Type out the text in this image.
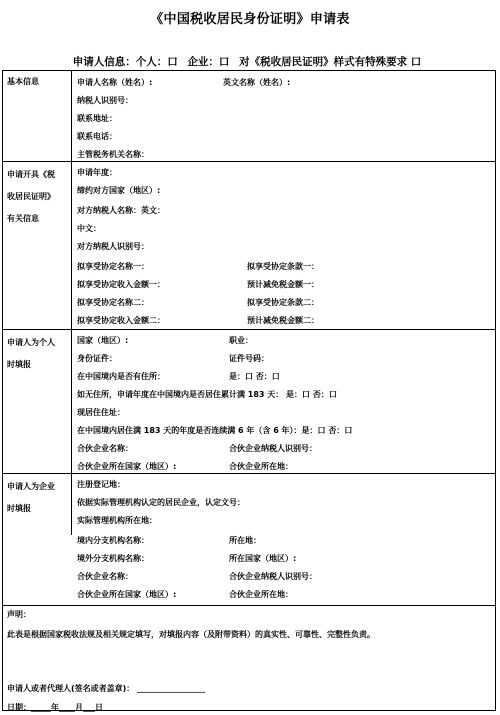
《中国税收居民身份证明》申请表
申请人信息：个人：口 企业：口 对《税收居民证明》样式有特殊要求 口
基本信息	申请人名称（姓名）:	英文名称（姓名）:
纳税人识别号：
联系地址：
联系电话：
主管税务机关名称：
申请开具《税
收居民证明》
有关信息
申请年度：
缔约对方国家（地区）:
对方纳税人名称：英文：
中文：
对方纳税人识别号：
拟享受协定名称一：	拟享受协定条款一：
拟享受协定收入金额一：	预计减免税金额一：
拟享受协定名称二：	拟享受协定条款二：
拟享受协定收入金额二：	预计减免税金额二：
申请人为个人
时填报
国家（地区）:	职业：
身份证件：	证件号码：
在中国境内是否有住所：	是：口 否：口
如无住所，申请年度在中国境内是否居住累计满 183 天： 是：口 否：口
现居住住址：
在中国境内居住满 183 天的年度是否连续满 6 年（含 6 年）：是：口 否：口
合伙企业名称：	合伙企业纳税人识别号：
合伙企业所在国家（地区）:	合伙企业所在地：
申请人为企业
时填报
注册登记地：
依据实际管理机构认定的居民企业，认定文号：
实际管理机构所在地：
境内分支机构名称：	所在地：
境外分支机构名称：	所在国家（地区）:
合伙企业名称：	合伙企业纳税人识别号：
合伙企业所在国家（地区）:	合伙企业所在地：
声明：
此表是根据国家税收法规及相关规定填写，对填报内容（及附带资料）的真实性、可靠性、完整性负责。
申请人或者代理人(签名或者盖章)： _________________
日期：_____年____月___日
